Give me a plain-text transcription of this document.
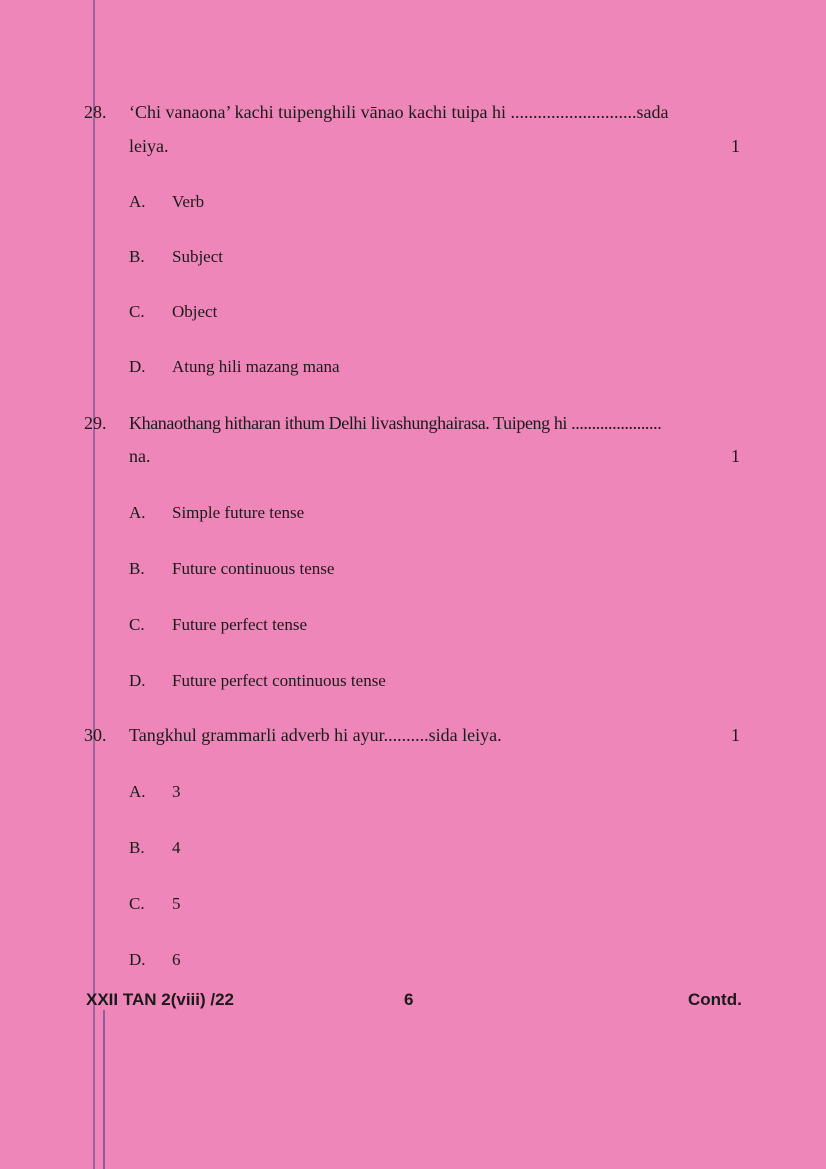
28. ‘Chi vanaona’ kachi tuipenghili vānao kachi tuipa hi ............................sada
leiya.	1
A. Verb
B. Subject
C. Object
D. Atung hili mazang mana
29. Khanaothang hitharan ithum Delhi livashunghairasa. Tuipeng hi ......................
na.	1
A. Simple future tense
B. Future continuous tense
C. Future perfect tense
D. Future perfect continuous tense
30. Tangkhul grammarli adverb hi ayur..........sida leiya.	1
A. 3
B. 4
C. 5
D. 6
XXII TAN 2(viii) /22	6	Contd.
